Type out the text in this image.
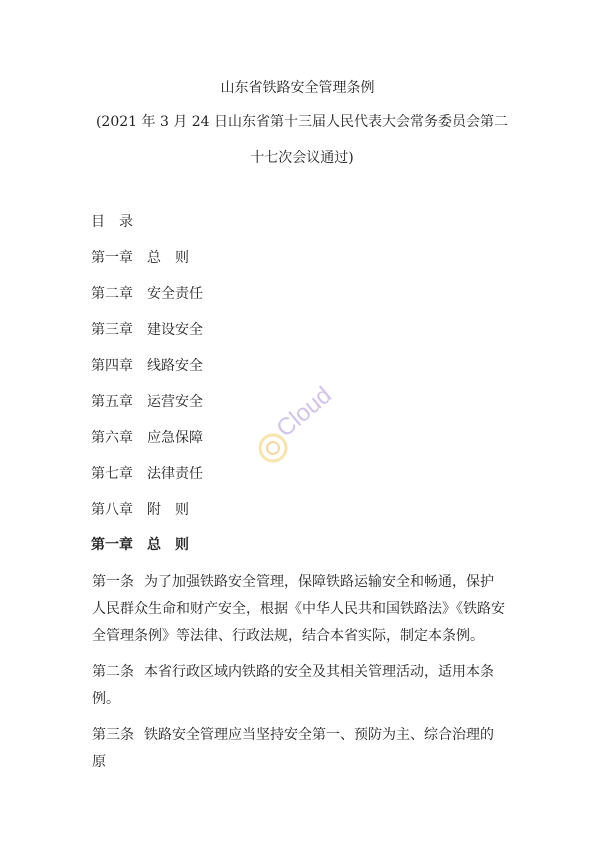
山东省铁路安全管理条例
(2021 年 3 月 24 日山东省第十三届人民代表大会常务委员会第二十七次会议通过)
目 录
第一章 总　则
第二章 安全责任
第三章 建设安全
第四章 线路安全
第五章 运营安全
第六章 应急保障
第七章 法律责任
第八章 附　则
第一章 总　则

第一条 为了加强铁路安全管理，保障铁路运输安全和畅通，保护人民群众生命和财产安全，根据《中华人民共和国铁路法》《铁路安全管理条例》等法律、行政法规，结合本省实际，制定本条例。

第二条 本省行政区域内铁路的安全及其相关管理活动，适用本条例。

第三条 铁路安全管理应当坚持安全第一、预防为主、综合治理的原

Cloud
